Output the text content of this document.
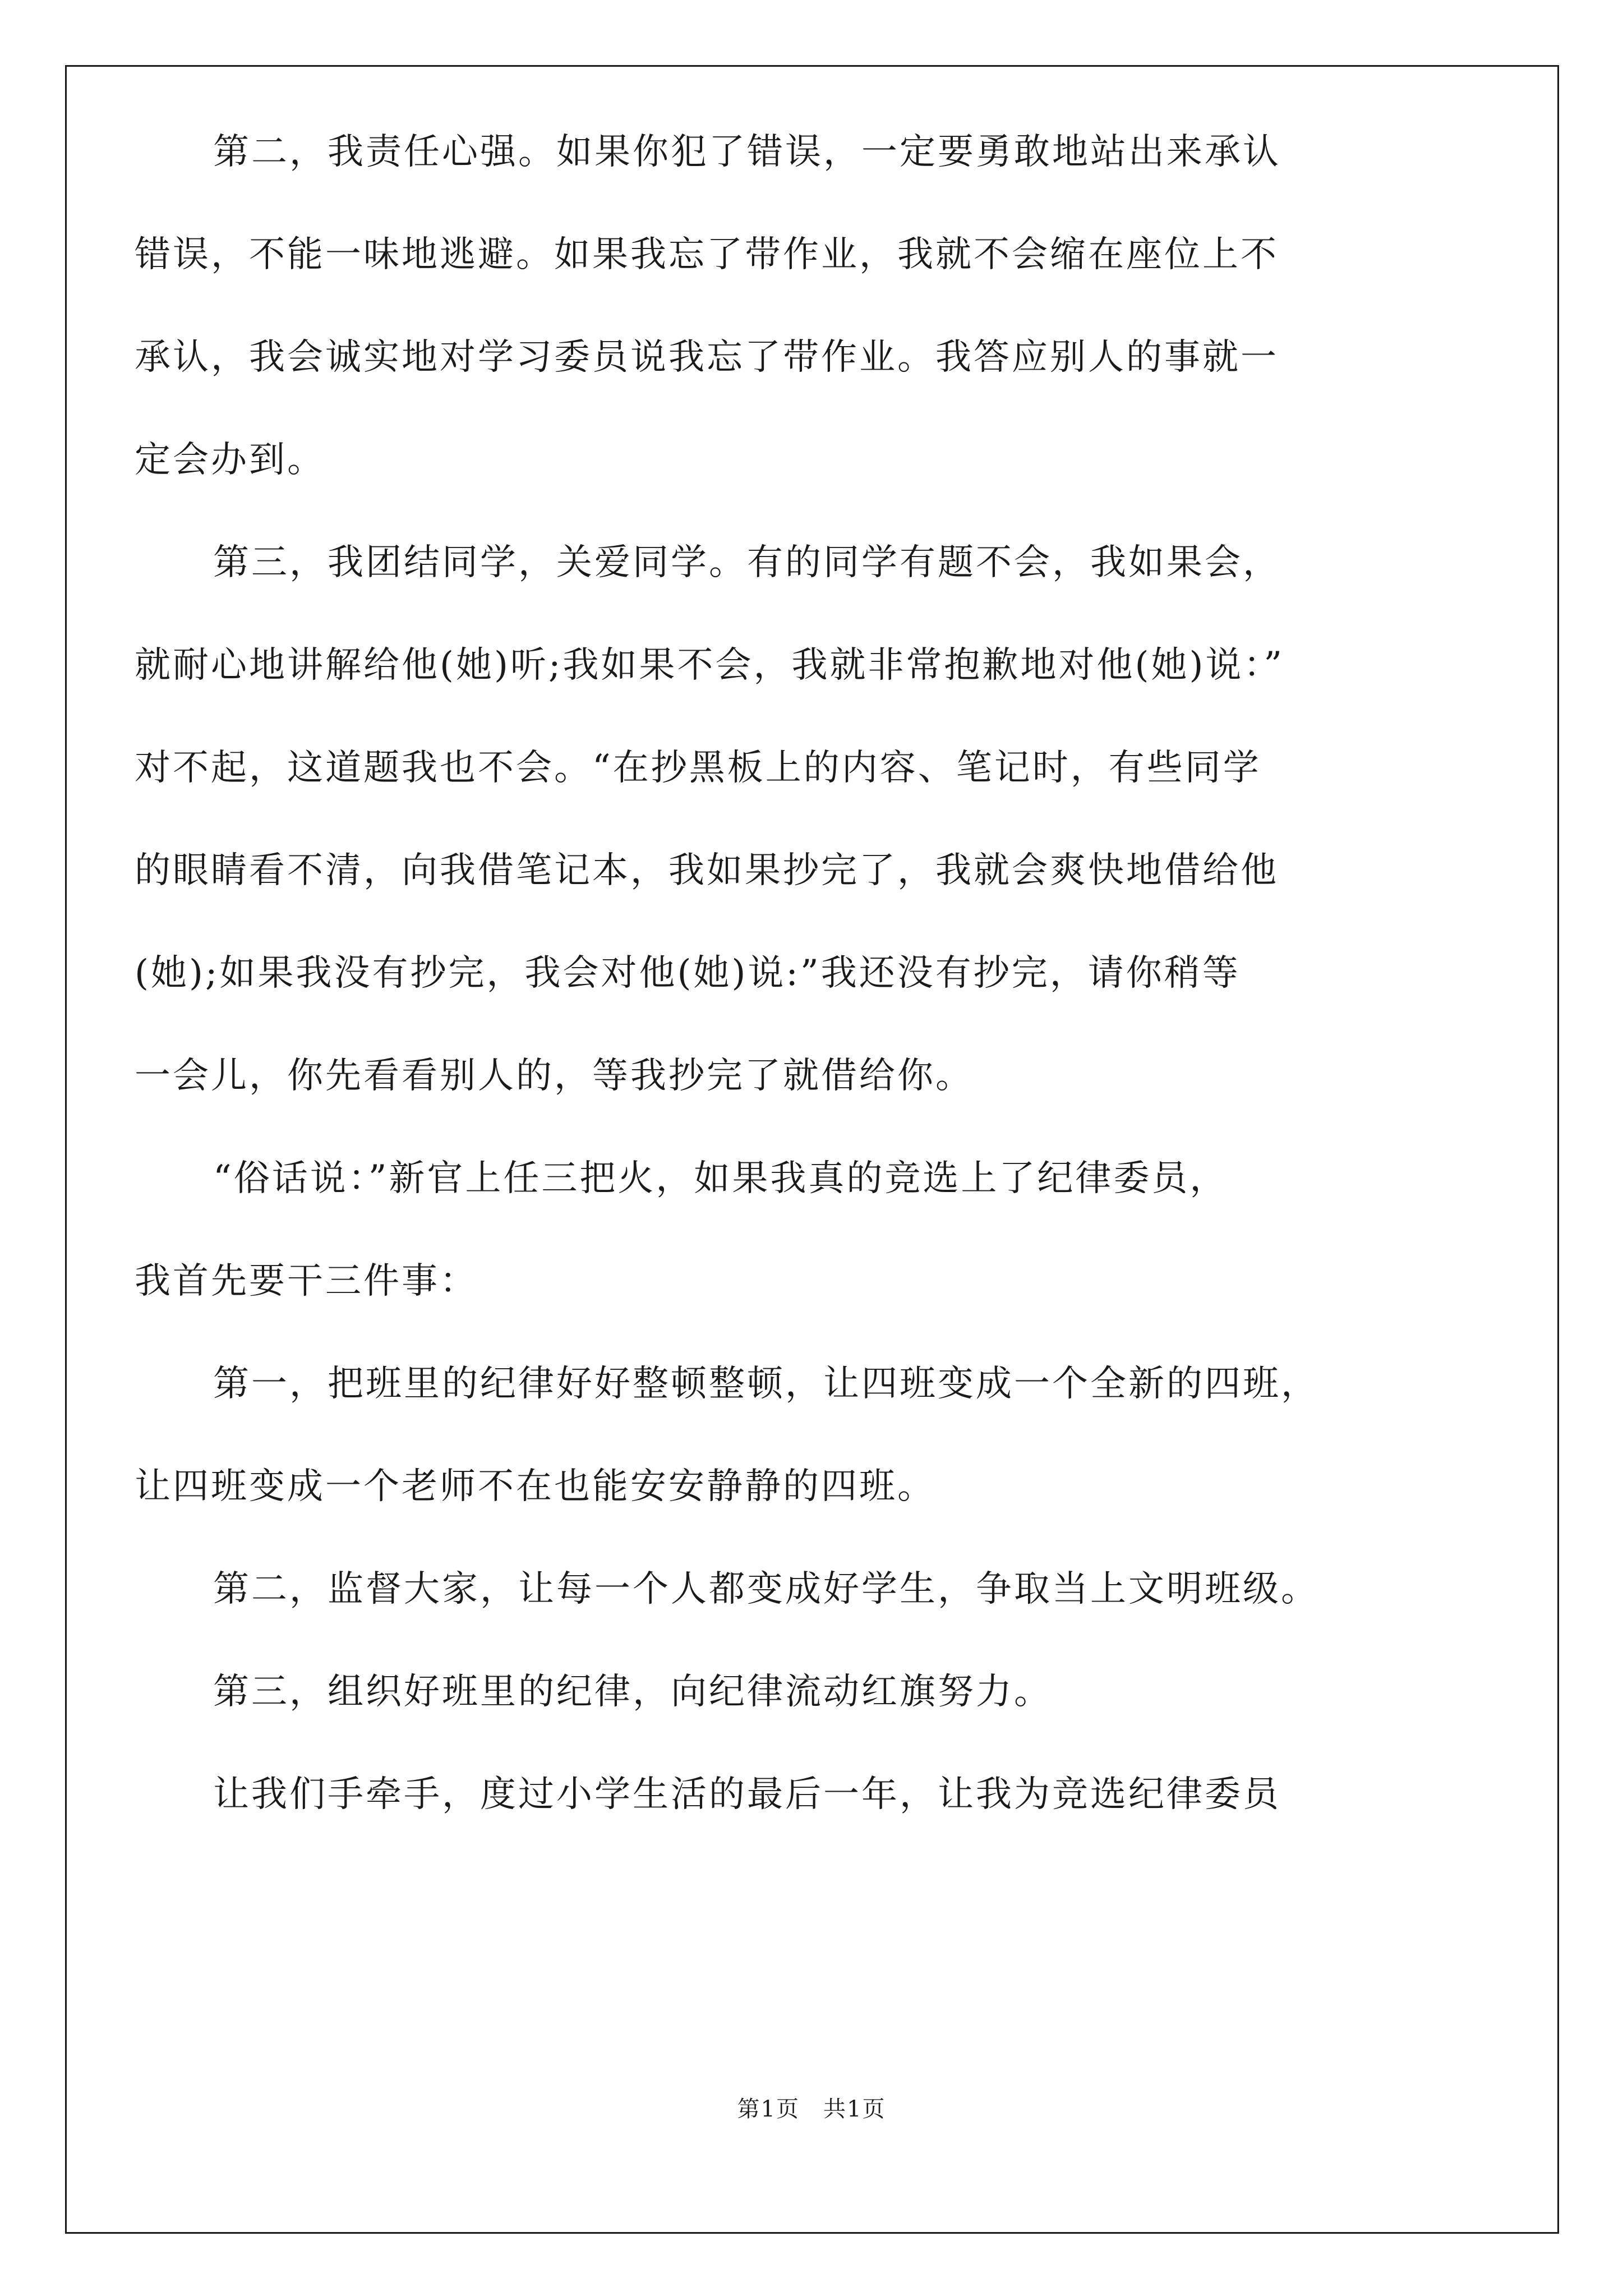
第二，我责任心强。如果你犯了错误，一定要勇敢地站出来承认
错误，不能一味地逃避。如果我忘了带作业，我就不会缩在座位上不
承认，我会诚实地对学习委员说我忘了带作业。我答应别人的事就一
定会办到。
第三，我团结同学，关爱同学。有的同学有题不会，我如果会，
就耐心地讲解给他(她)听;我如果不会，我就非常抱歉地对他(她)说：”
对不起，这道题我也不会。“在抄黑板上的内容、笔记时，有些同学
的眼睛看不清，向我借笔记本，我如果抄完了，我就会爽快地借给他
(她);如果我没有抄完，我会对他(她)说:”我还没有抄完，请你稍等
一会儿，你先看看别人的，等我抄完了就借给你。
“俗话说：”新官上任三把火，如果我真的竞选上了纪律委员，
我首先要干三件事：
第一，把班里的纪律好好整顿整顿，让四班变成一个全新的四班，
让四班变成一个老师不在也能安安静静的四班。
第二，监督大家，让每一个人都变成好学生，争取当上文明班级。
第三，组织好班里的纪律，向纪律流动红旗努力。
让我们手牵手，度过小学生活的最后一年，让我为竞选纪律委员
第1页　共1页
